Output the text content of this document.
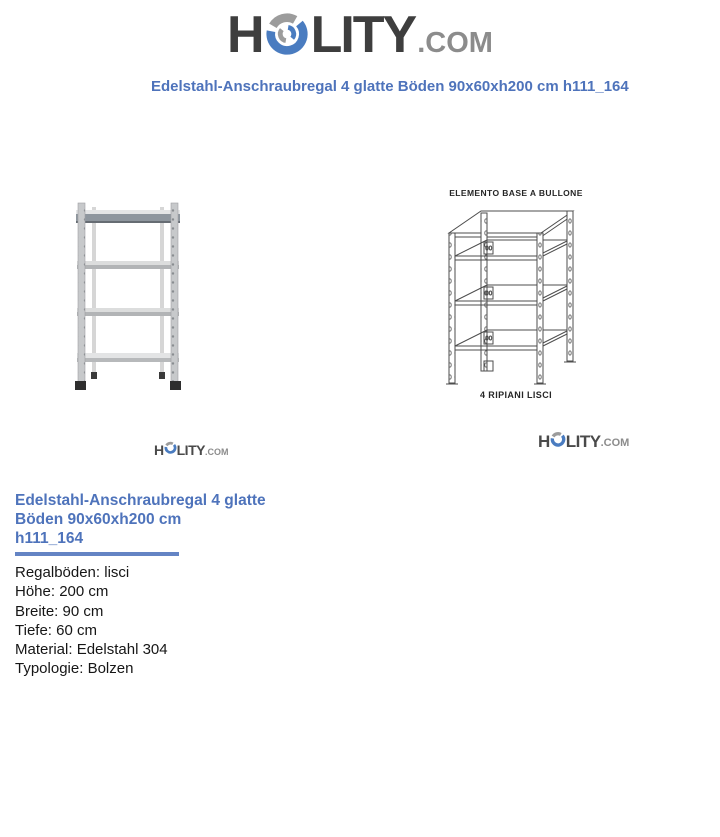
H LITY .COM
Edelstahl-Anschraubregal 4 glatte Böden 90x60xh200 cm h111_164
ELEMENTO BASE A BULLONE
4 RIPIANI LISCI
H LITY .COM
H LITY .COM
Edelstahl-Anschraubregal 4 glatte
Böden 90x60xh200 cm
h111_164
Regalböden: lisci
Höhe: 200 cm
Breite: 90 cm
Tiefe: 60 cm
Material: Edelstahl 304
Typologie: Bolzen
